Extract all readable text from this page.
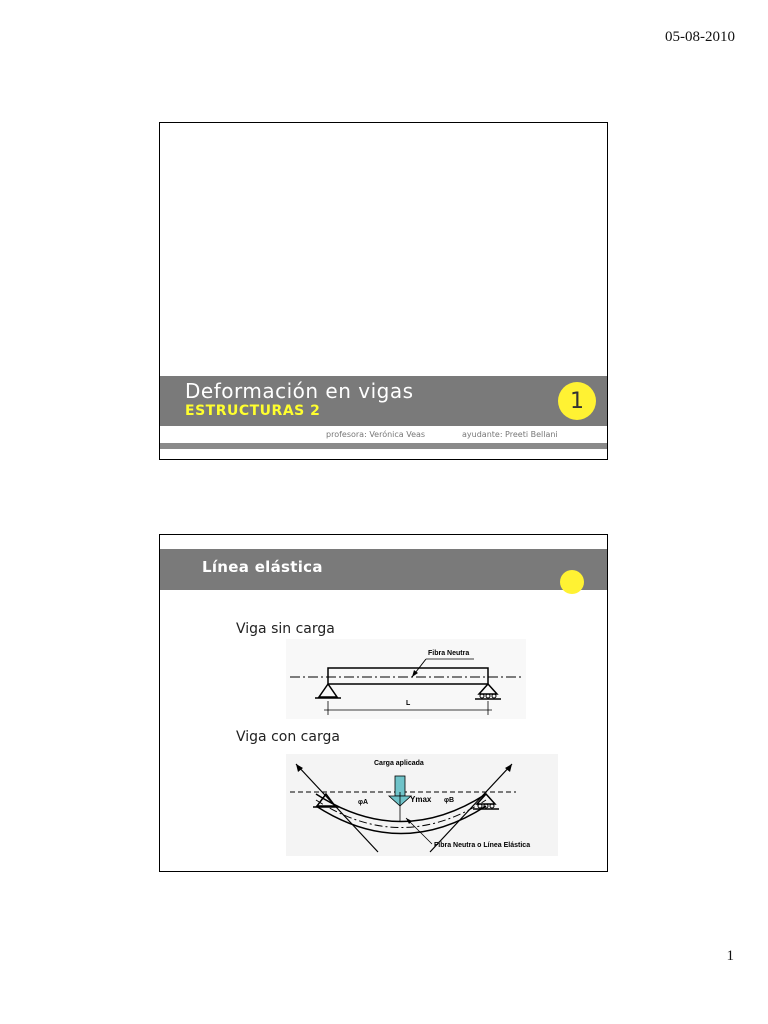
05-08-2010
Deformación en vigas
ESTRUCTURAS 2	1
profesora: Verónica Veas	ayudante: Preeti Bellani
Línea elástica
Viga sin carga
Fibra Neutra
L
Viga con carga
Carga aplicada
Ymax
φA	φB
Fibra Neutra o Línea Elástica
1
